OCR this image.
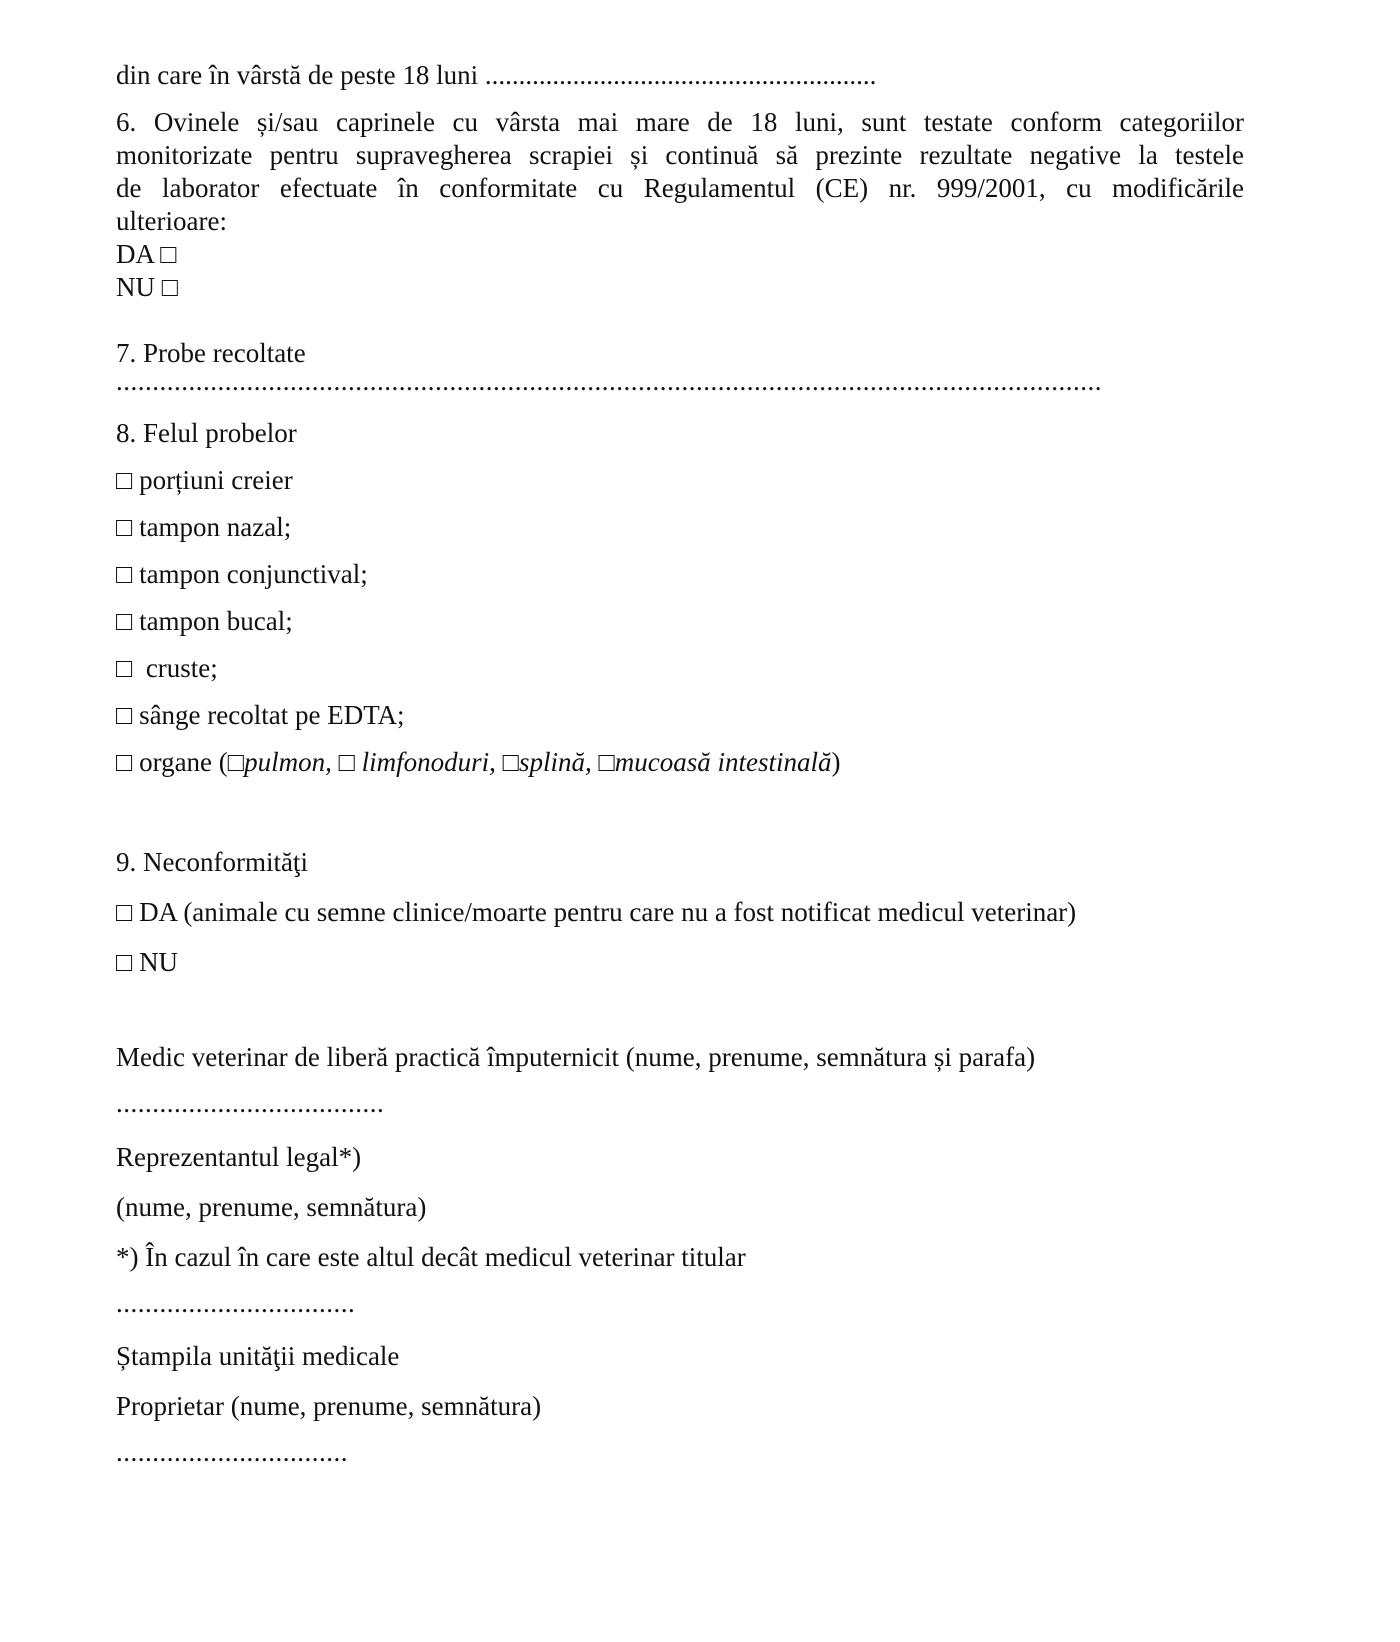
din care în vârstă de peste 18 luni ..........................................................
6. Ovinele și/sau caprinele cu vârsta mai mare de 18 luni, sunt testate conform categoriilor
monitorizate pentru supravegherea scrapiei și continuă să prezinte rezultate negative la testele
de laborator efectuate în conformitate cu Regulamentul (CE) nr. 999/2001, cu modificările
ulterioare:
DA □
NU □
7. Probe recoltate
........................................................................................................................................
8. Felul probelor
□ porțiuni creier
□ tampon nazal;
□ tampon conjunctival;
□ tampon bucal;
□  cruste;
□ sânge recoltat pe EDTA;
□ organe (□pulmon, □ limfonoduri, □splină, □mucoasă intestinală)
9. Neconformităţi
□ DA (animale cu semne clinice/moarte pentru care nu a fost notificat medicul veterinar)
□ NU
Medic veterinar de liberă practică împuternicit (nume, prenume, semnătura și parafa)
.....................................
Reprezentantul legal*)
(nume, prenume, semnătura)
*) În cazul în care este altul decât medicul veterinar titular
.................................
Ștampila unităţii medicale
Proprietar (nume, prenume, semnătura)
................................
